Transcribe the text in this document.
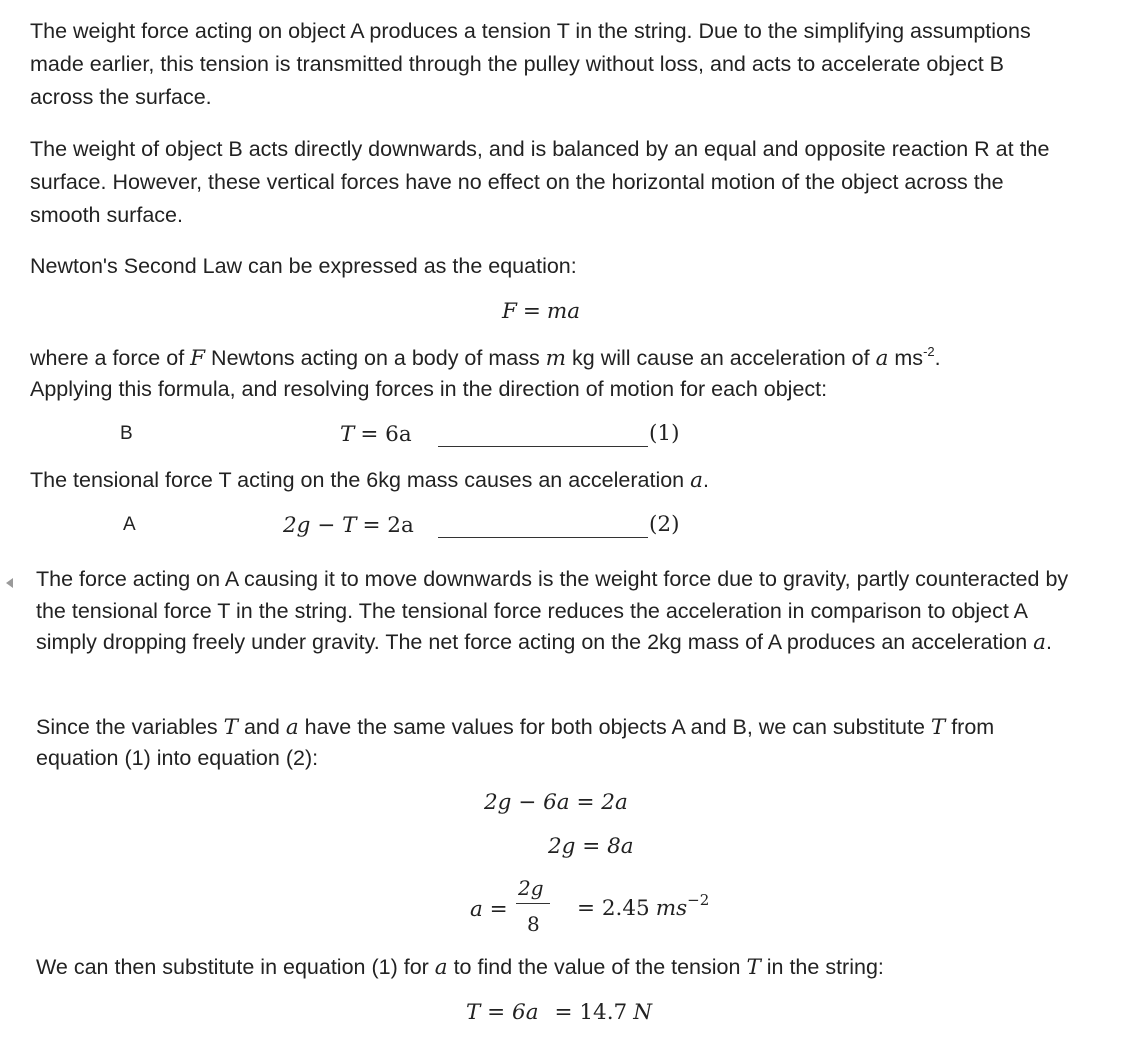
The weight force acting on object A produces a tension T in the string. Due to the simplifying assumptions made earlier, this tension is transmitted through the pulley without loss, and acts to accelerate object B across the surface.

The weight of object B acts directly downwards, and is balanced by an equal and opposite reaction R at the surface. However, these vertical forces have no effect on the horizontal motion of the object across the smooth surface.

Newton's Second Law can be expressed as the equation:

F = ma
where a force of F Newtons acting on a body of mass m kg will cause an acceleration of a $ms^{-2}$.
Applying this formula, and resolving forces in the direction of motion for each object:
B	T = 6a	(1)
The tensional force T acting on the 6kg mass causes an acceleration a.
A	2g − T = 2a	(2)

The force acting on A causing it to move downwards is the weight force due to gravity, partly counteracted by the tensional force T in the string. The tensional force reduces the acceleration in comparison to object A simply dropping freely under gravity. The net force acting on the 2kg mass of A produces an acceleration a.

Since the variables T and a have the same values for both objects A and B, we can substitute T from
equation (1) into equation (2):
2g − 6a = 2a
2g = 8a
a =
2g
8
= 2.45 $ms^{-2}$
We can then substitute in equation (1) for a to find the value of the tension T in the string:
T = 6a = 14.7 N
